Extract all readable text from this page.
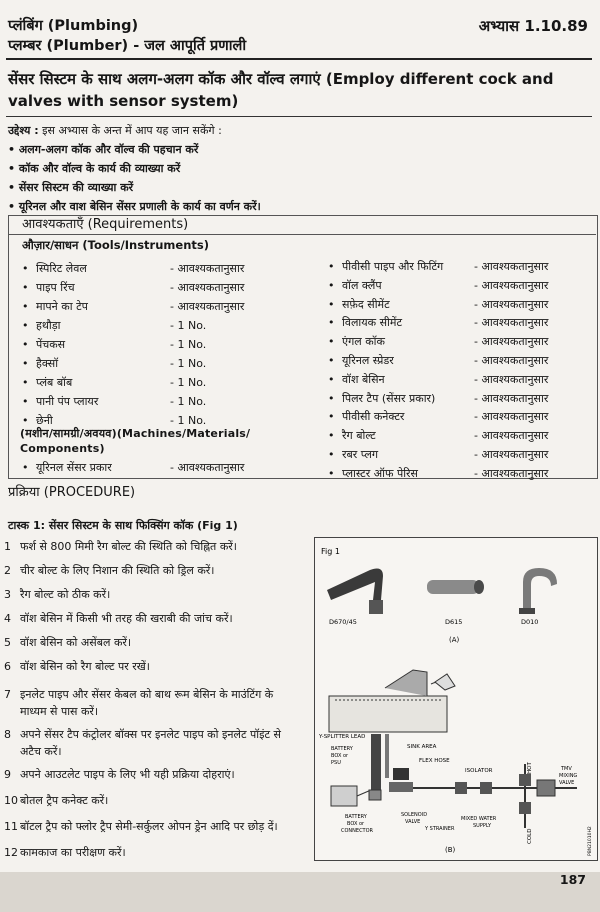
प्लंबिंग (Plumbing)
प्लम्बर (Plumber) - जल आपूर्ति प्रणाली
अभ्यास 1.10.89
सेंसर सिस्टम के साथ अलग-अलग कॉक और वॉल्व लगाएं (Employ different cock and valves with sensor system)
उद्देश्य : इस अभ्यास के अन्त में आप यह जान सकेंगे :
• अलग-अलग कॉक और वॉल्व की पहचान करें
• कॉक और वॉल्व के कार्य की व्याख्या करें
• सेंसर सिस्टम की व्याख्या करें
• यूरिनल और वाश बेसिन सेंसर प्रणाली के कार्य का वर्णन करें।
आवश्यकताएँ (Requirements)
औज़ार/साधन (Tools/Instruments)
• स्पिरिट लेवल	- आवश्यकतानुसार
• पाइप रिंच	- आवश्यकतानुसार
• मापने का टेप	- आवश्यकतानुसार
• हथौड़ा	- 1 No.
• पेंचकस	- 1 No.
• हैक्सॉ	- 1 No.
• प्लंब बॉब	- 1 No.
• पानी पंप प्लायर	- 1 No.
• छेनी	- 1 No.
• पीवीसी पाइप और फिटिंग	- आवश्यकतानुसार
• वॉल क्लैंप	- आवश्यकतानुसार
• सफ़ेद सीमेंट	- आवश्यकतानुसार
• विलायक सीमेंट	- आवश्यकतानुसार
• एंगल कॉक	- आवश्यकतानुसार
• यूरिनल स्प्रेडर	- आवश्यकतानुसार
• वॉश बेसिन	- आवश्यकतानुसार
• पिलर टैप (सेंसर प्रकार)	- आवश्यकतानुसार
• पीवीसी कनेक्टर	- आवश्यकतानुसार
• रैग बोल्ट	- आवश्यकतानुसार
• रबर प्लग	- आवश्यकतानुसार
• प्लास्टर ऑफ पेरिस	- आवश्यकतानुसार
(मशीन/सामग्री/अवयव)(Machines/Materials/
Components)
• यूरिनल सेंसर प्रकार	- आवश्यकतानुसार
प्रक्रिया (PROCEDURE)
टास्क 1: सेंसर सिस्टम के साथ फिक्सिंग कॉक (Fig 1)
1 फर्श से 800 मिमी रैग बोल्ट की स्थिति को चिह्नित करें।
2 चीर बोल्ट के लिए निशान की स्थिति को ड्रिल करें।
3 रैग बोल्ट को ठीक करें।
4 वॉश बेसिन में किसी भी तरह की खराबी की जांच करें।
5 वॉश बेसिन को असेंबल करें।
6 वॉश बेसिन को रैग बोल्ट पर रखें।
7 इनलेट पाइप और सेंसर केबल को बाथ रूम बेसिन के माउंटिंग के माध्यम से पास करें।
8 अपने सेंसर टैप कंट्रोलर बॉक्स पर इनलेट पाइप को इनलेट पॉइंट से अटैच करें।
9 अपने आउटलेट पाइप के लिए भी यही प्रक्रिया दोहराएं।
10 बोतल ट्रैप कनेक्ट करें।
11 बॉटल ट्रैप को फ्लोर ट्रैप सेमी-सर्कुलर ओपन ड्रेन आदि पर छोड़ दें।
12 कामकाज का परीक्षण करें।
Fig 1
D670/45	D615	D010
(A)
Y-SPLITTER LEAD
SINK AREA
BATTERY
BOX or
PSU	FLEX HOSE
ISOLATOR	HOT	TMV
MIXING
VALVE
BATTERY
BOX or
CONNECTOR
SOLENOID
VALVE
Y STRAINER
MIXED WATER
SUPPLY
COLD
(B)	PBN21010H2
187
